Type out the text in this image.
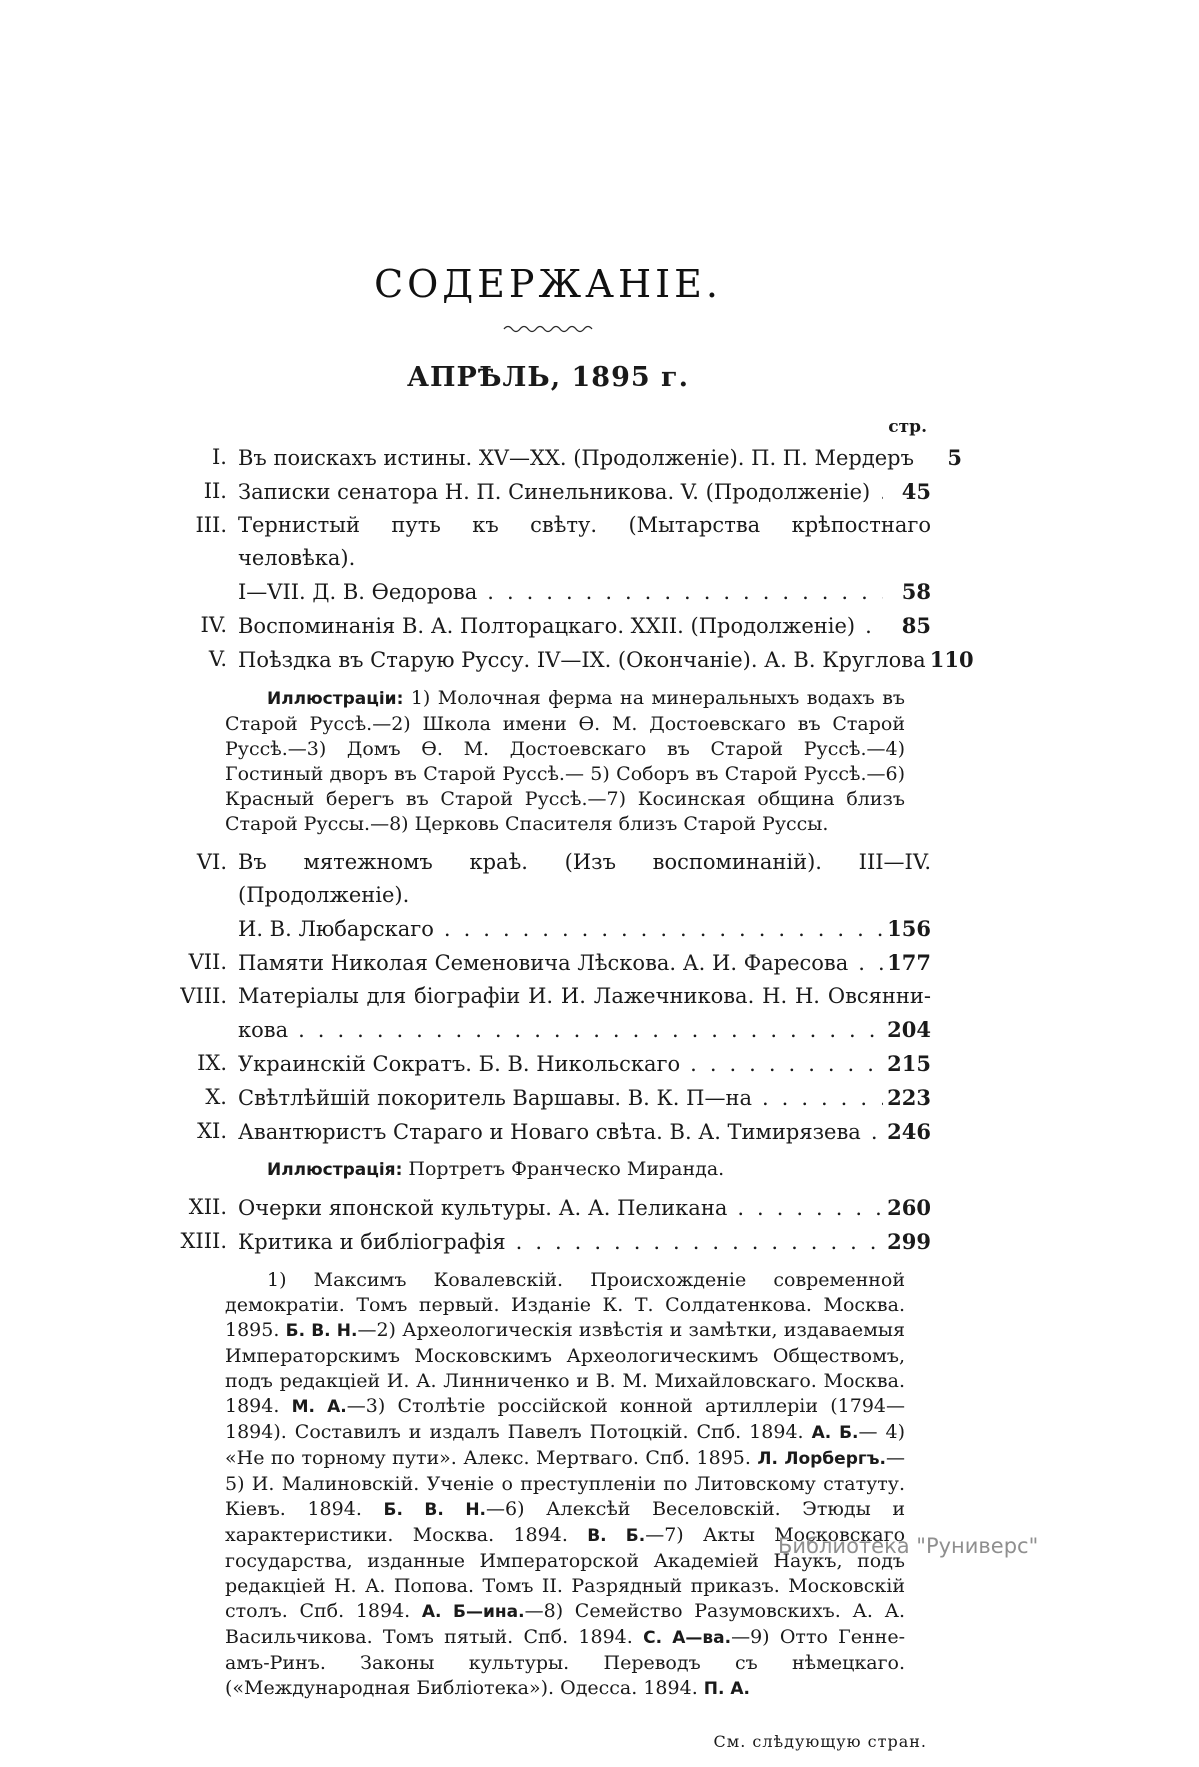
СОДЕРЖАНІЕ.
АПРѢЛЬ, 1895 г.
стр.
I. Въ поискахъ истины. XV—XX. (Продолженіе). П. П. Мердеръ	5
II. Записки сенатора Н. П. Синельникова. V. (Продолженіе) .....	45
III. Тернистый путь къ свѣту. (Мытарства крѣпостнаго человѣка).
I—VII. Д. В. Ѳедорова .....	58
IV. Воспоминанія В. А. Полторацкаго. XXII. (Продолженіе) .....	85
V. Поѣздка въ Старую Руссу. IV—IX. (Окончаніе). А. В. Круглова 110

Иллюстраціи: 1) Молочная ферма на минеральныхъ водахъ въ Старой Руссѣ.—2) Школа имени Ѳ. М. Достоевскаго въ Старой Руссѣ.—3) Домъ Ѳ. М. Достоевскаго въ Старой Руссѣ.—4) Гостиный дворъ въ Старой Руссѣ.— 5) Соборъ въ Старой Руссѣ.—6) Красный берегъ въ Старой Руссѣ.—7) Косинская община близъ Старой Руссы.—8) Церковь Спасителя близъ Старой Руссы.

VI. Въ мятежномъ краѣ. (Изъ воспоминаній). III—IV. (Продолженіе).
И. В. Любарскаго .....	156
VII. Памяти Николая Семеновича Лѣскова. А. И. Фаресова ..... 177
VIII. Матеріалы для біографіи И. И. Лажечникова. Н. Н. Овсянни-
кова .....	204
IX. Украинскій Сократъ. Б. В. Никольскаго .....	215
X. Свѣтлѣйшій покоритель Варшавы. В. К. П—на .....	223
XI. Авантюристъ Стараго и Новаго свѣта. В. А. Тимирязева ..... 246

Иллюстрація: Портретъ Франческо Миранда.

XII. Очерки японской культуры. А. А. Пеликана .....	260
XIII. Критика и библіографія .....	299

1) Максимъ Ковалевскій. Происхожденіе современной демократіи. Томъ первый. Изданіе К. Т. Солдатенкова. Москва. 1895. Б. В. Н.—2) Археологическія извѣстія и замѣтки, издаваемыя Императорскимъ Московскимъ Археологическимъ Обществомъ, подъ редакціей И. А. Линниченко и В. М. Михайловскаго. Москва. 1894. М. А.—3) Столѣтіе россійской конной артиллеріи (1794—1894). Составилъ и издалъ Павелъ Потоцкій. Спб. 1894. А. Б.— 4) «Не по торному пути». Алекс. Мертваго. Спб. 1895. Л. Лорбергъ.—5) И. Малиновскій. Ученіе о преступленіи по Литовскому статуту. Кіевъ. 1894. Б. В. Н.—6) Алексѣй Веселовскій. Этюды и характеристики. Москва. 1894. В. Б.—7) Акты Московскаго государства, изданные Императорской Академіей Наукъ, подъ редакціей Н. А. Попова. Томъ II. Разрядный приказъ. Московскій столъ. Спб. 1894. А. Б—ина.—8) Семейство Разумовскихъ. А. А. Васильчикова. Томъ пятый. Спб. 1894. С. А—ва.—9) Отто Генне-амъ-Ринъ. Законы культуры. Переводъ съ нѣмецкаго. («Международная Библіотека»). Одесса. 1894. П. А.

См. слѣдующую стран.

Библиотека "Руниверс"
